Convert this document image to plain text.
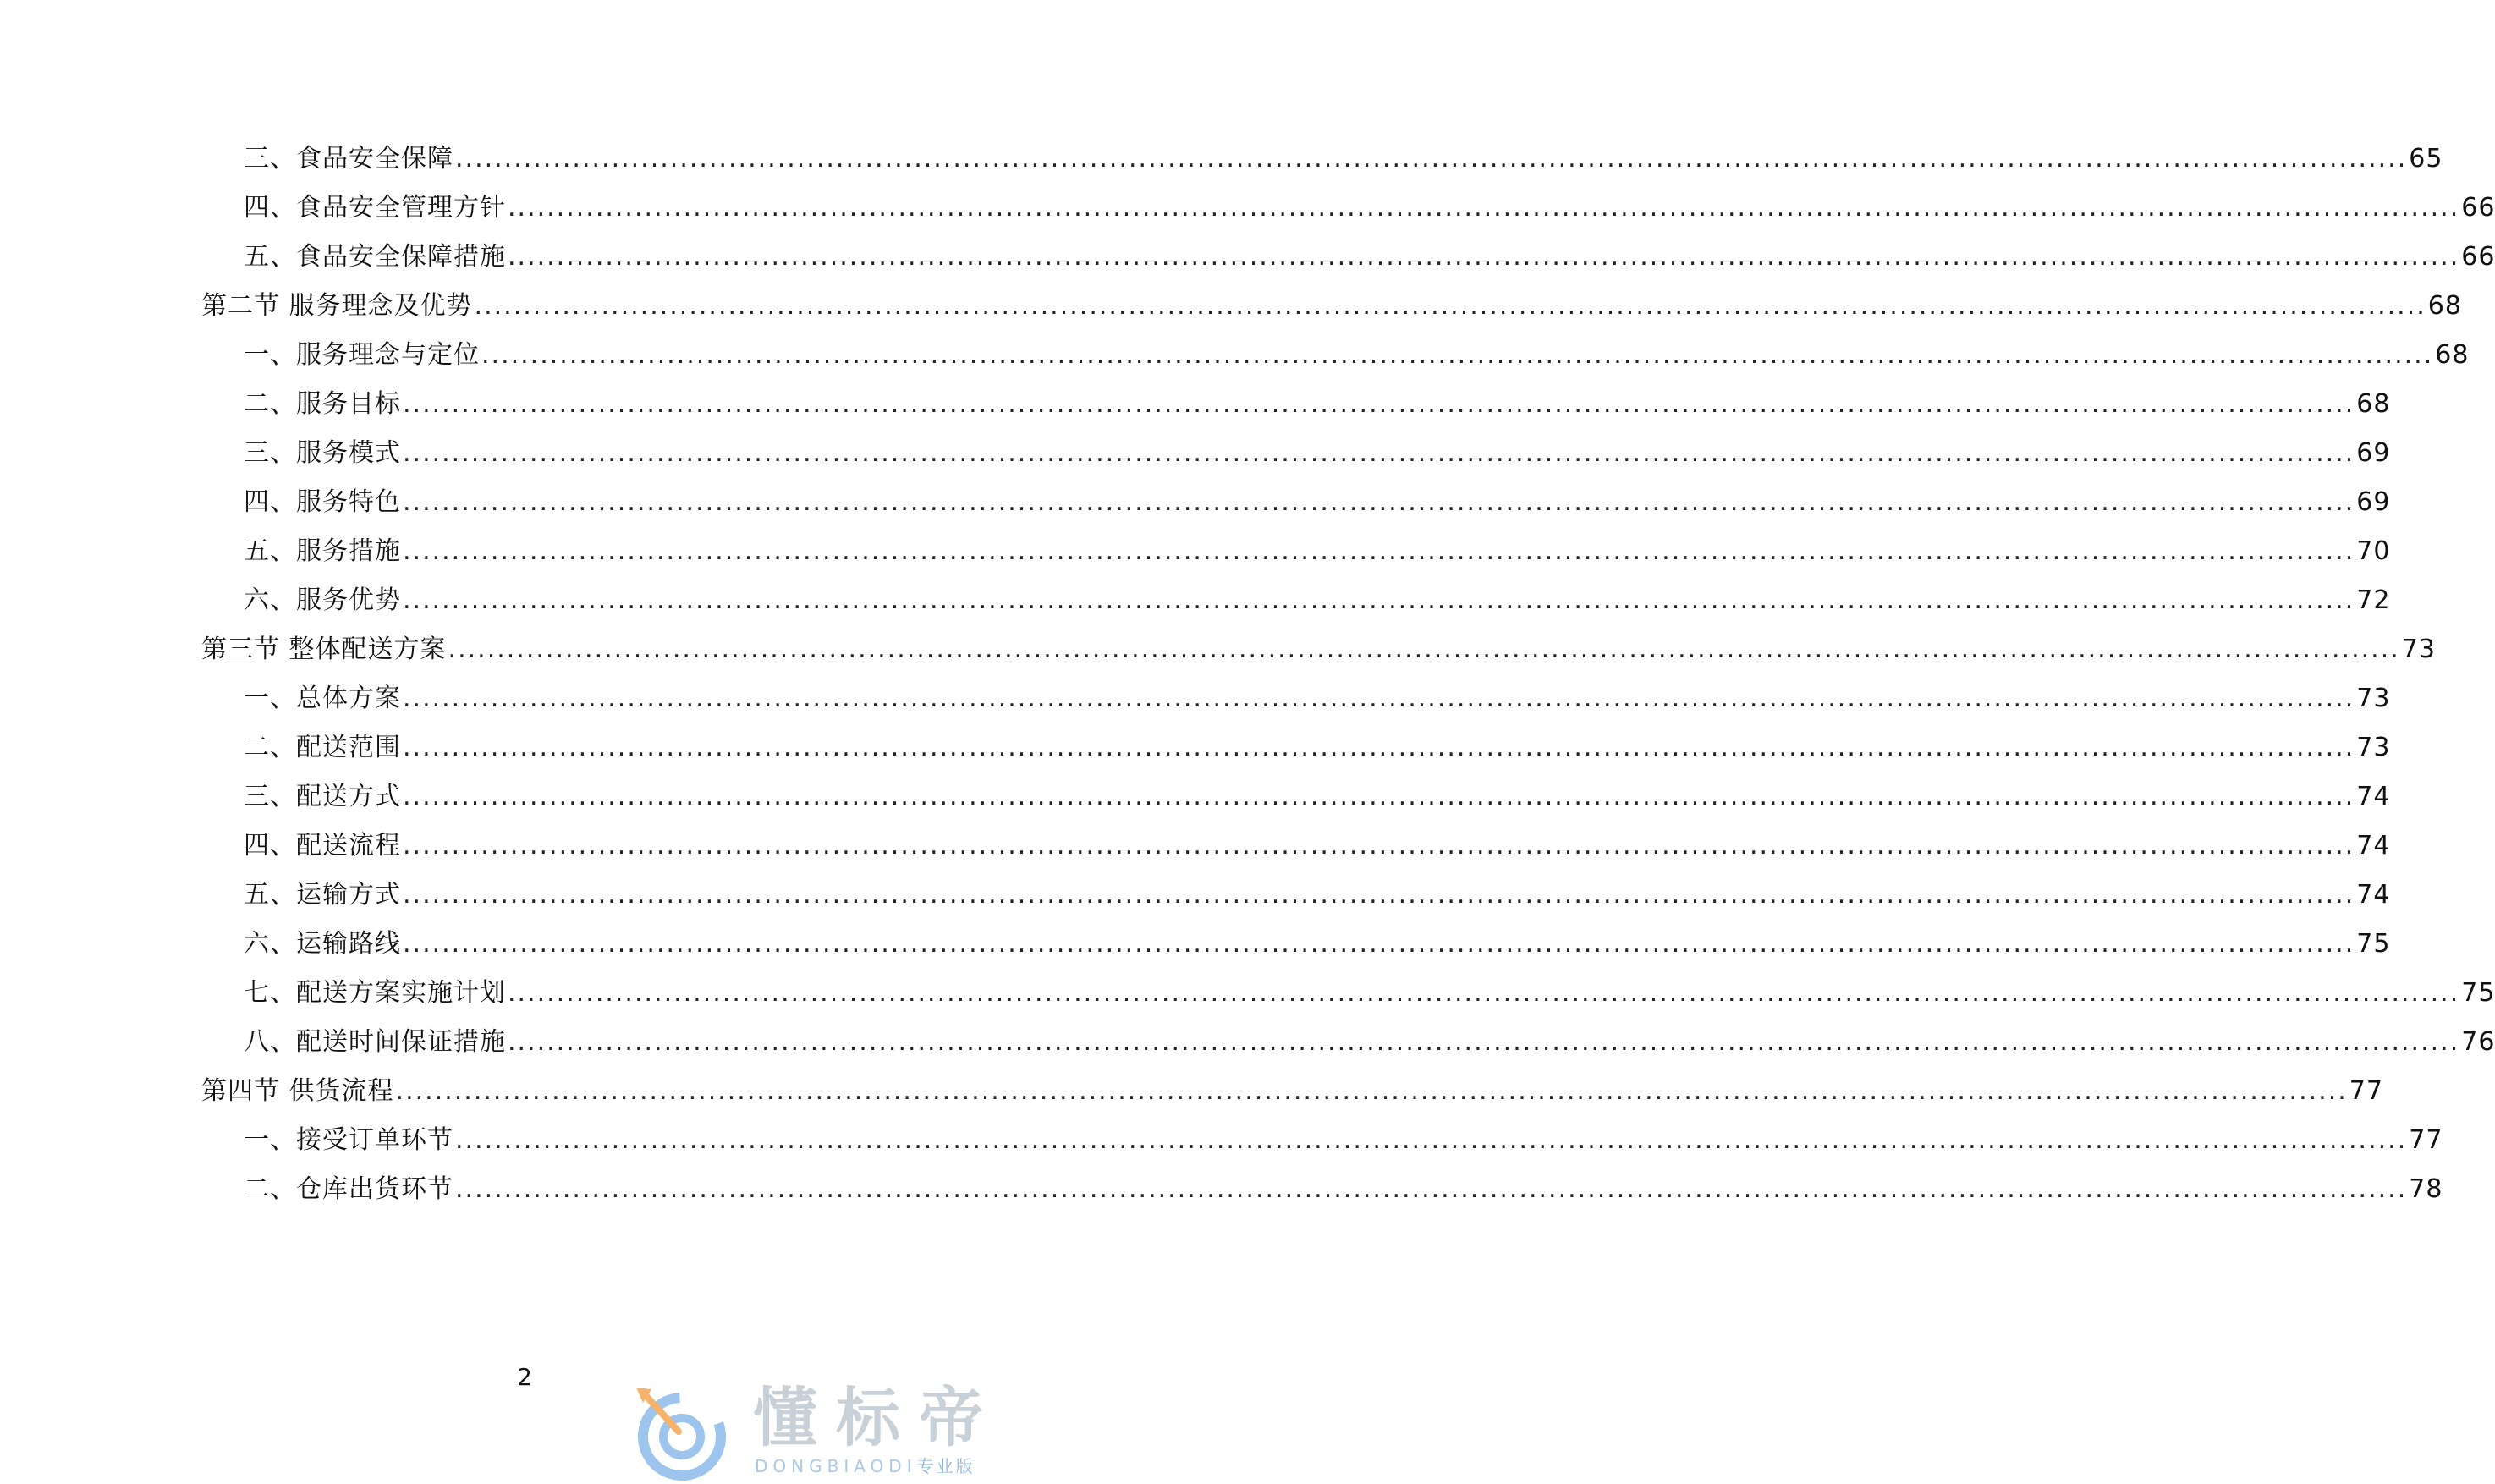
三、食品安全保障 ........................................................................................................................................................................................................ 65
四、食品安全管理方针 ........................................................................................................................................................................................................ 66
五、食品安全保障措施 ........................................................................................................................................................................................................ 66
第二节 服务理念及优势 ........................................................................................................................................................................................................ 68
一、服务理念与定位 ........................................................................................................................................................................................................ 68
二、服务目标 ........................................................................................................................................................................................................ 68
三、服务模式 ........................................................................................................................................................................................................ 69
四、服务特色 ........................................................................................................................................................................................................ 69
五、服务措施 ........................................................................................................................................................................................................ 70
六、服务优势 ........................................................................................................................................................................................................ 72
第三节 整体配送方案 ........................................................................................................................................................................................................ 73
一、总体方案 ........................................................................................................................................................................................................ 73
二、配送范围 ........................................................................................................................................................................................................ 73
三、配送方式 ........................................................................................................................................................................................................ 74
四、配送流程 ........................................................................................................................................................................................................ 74
五、运输方式 ........................................................................................................................................................................................................ 74
六、运输路线 ........................................................................................................................................................................................................ 75
七、配送方案实施计划 ........................................................................................................................................................................................................ 75
八、配送时间保证措施 ........................................................................................................................................................................................................ 76
第四节 供货流程 ........................................................................................................................................................................................................ 77
一、接受订单环节 ........................................................................................................................................................................................................ 77
二、仓库出货环节 ........................................................................................................................................................................................................ 78
2
懂标帝
DONGBIAODI专业版
